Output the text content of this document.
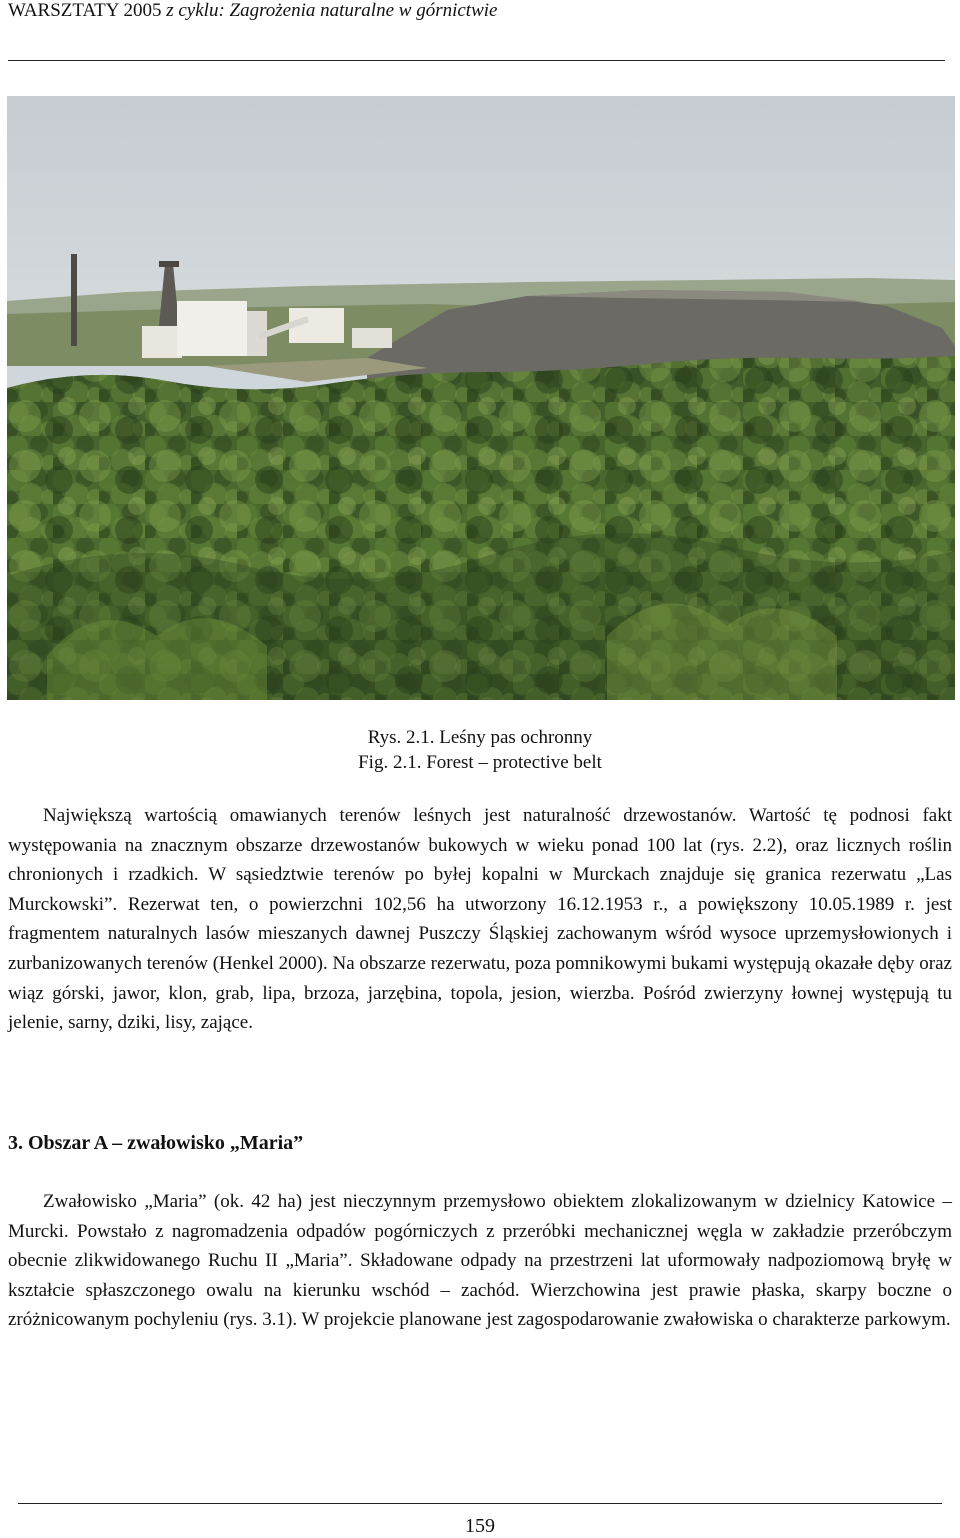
WARSZTATY 2005 z cyklu: Zagrożenia naturalne w górnictwie
Rys. 2.1. Leśny pas ochronny
Fig. 2.1. Forest – protective belt

Największą wartością omawianych terenów leśnych jest naturalność drzewostanów. Wartość tę podnosi fakt występowania na znacznym obszarze drzewostanów bukowych w wieku ponad 100 lat (rys. 2.2), oraz licznych roślin chronionych i rzadkich. W sąsiedztwie terenów po byłej kopalni w Murckach znajduje się granica rezerwatu „Las Murckowski”. Rezerwat ten, o powierzchni 102,56 ha utworzony 16.12.1953 r., a powiększony 10.05.1989 r. jest fragmentem naturalnych lasów mieszanych dawnej Puszczy Śląskiej zachowanym wśród wysoce uprzemysłowionych i zurbanizowanych terenów (Henkel 2000). Na obszarze rezerwatu, poza pomnikowymi bukami występują okazałe dęby oraz wiąz górski, jawor, klon, grab, lipa, brzoza, jarzębina, topola, jesion, wierzba. Pośród zwierzyny łownej występują tu jelenie, sarny, dziki, lisy, zające.

3. Obszar A – zwałowisko „Maria”

Zwałowisko „Maria” (ok. 42 ha) jest nieczynnym przemysłowo obiektem zlokalizowanym w dzielnicy Katowice – Murcki. Powstało z nagromadzenia odpadów pogórniczych z przeróbki mechanicznej węgla w zakładzie przeróbczym obecnie zlikwidowanego Ruchu II „Maria”. Składowane odpady na przestrzeni lat uformowały nadpoziomową bryłę w kształcie spłaszczonego owalu na kierunku wschód – zachód. Wierzchowina jest prawie płaska, skarpy boczne o zróżnicowanym pochyleniu (rys. 3.1). W projekcie planowane jest zagospodarowanie zwałowiska o charakterze parkowym.

159
